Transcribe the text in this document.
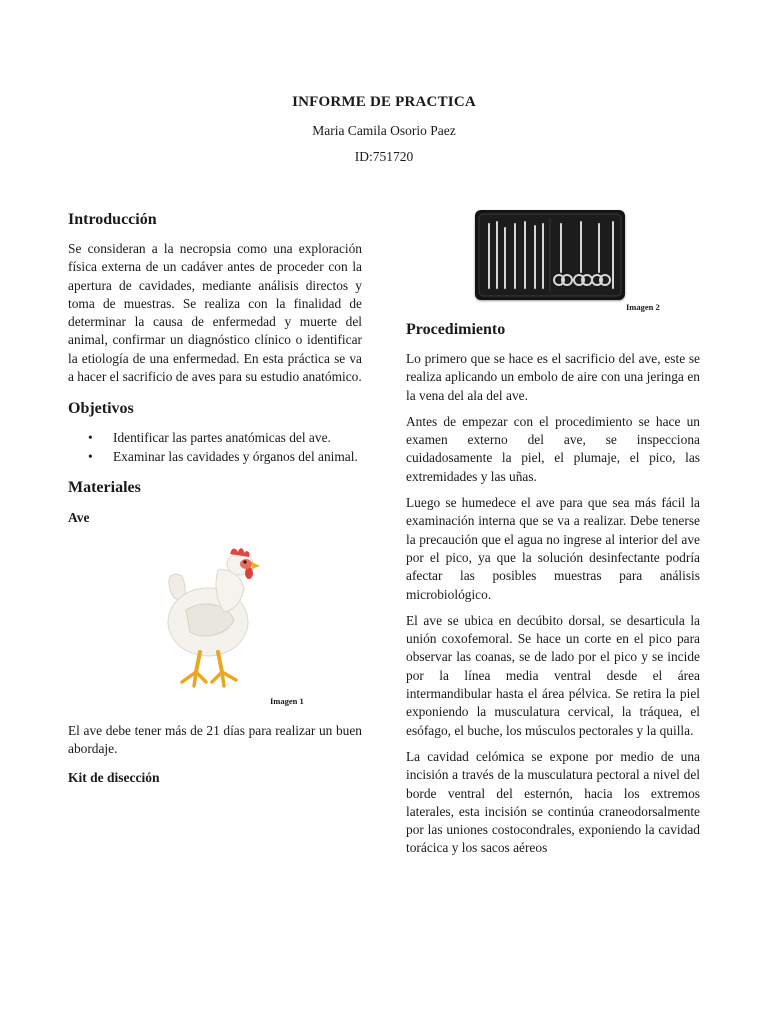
INFORME DE PRACTICA
Maria Camila Osorio Paez
ID:751720
Introducción

Se consideran a la necropsia como una exploración física externa de un cadáver antes de proceder con la apertura de cavidades, mediante análisis directos y toma de muestras. Se realiza con la finalidad de determinar la causa de enfermedad y muerte del animal, confirmar un diagnóstico clínico o identificar la etiología de una enfermedad. En esta práctica se va a hacer el sacrificio de aves para su estudio anatómico.

Objetivos
• Identificar las partes anatómicas del ave.
• Examinar las cavidades y órganos del animal.
Materiales
Ave
Imagen 1

El ave debe tener más de 21 días para realizar un buen abordaje.

Kit de disección
Imagen 2
Procedimiento

Lo primero que se hace es el sacrificio del ave, este se realiza aplicando un embolo de aire con una jeringa en la vena del ala del ave.

Antes de empezar con el procedimiento se hace un examen externo del ave, se inspecciona cuidadosamente la piel, el plumaje, el pico, las extremidades y las uñas.

Luego se humedece el ave para que sea más fácil la examinación interna que se va a realizar. Debe tenerse la precaución que el agua no ingrese al interior del ave por el pico, ya que la solución desinfectante podría afectar las posibles muestras para análisis microbiológico.

El ave se ubica en decúbito dorsal, se desarticula la unión coxofemoral. Se hace un corte en el pico para observar las coanas, se de lado por el pico y se incide por la línea media ventral desde el área intermandibular hasta el área pélvica. Se retira la piel exponiendo la musculatura cervical, la tráquea, el esófago, el buche, los músculos pectorales y la quilla.

La cavidad celómica se expone por medio de una incisión a través de la musculatura pectoral a nivel del borde ventral del esternón, hacia los extremos laterales, esta incisión se continúa craneodorsalmente por las uniones costocondrales, exponiendo la cavidad torácica y los sacos aéreos
